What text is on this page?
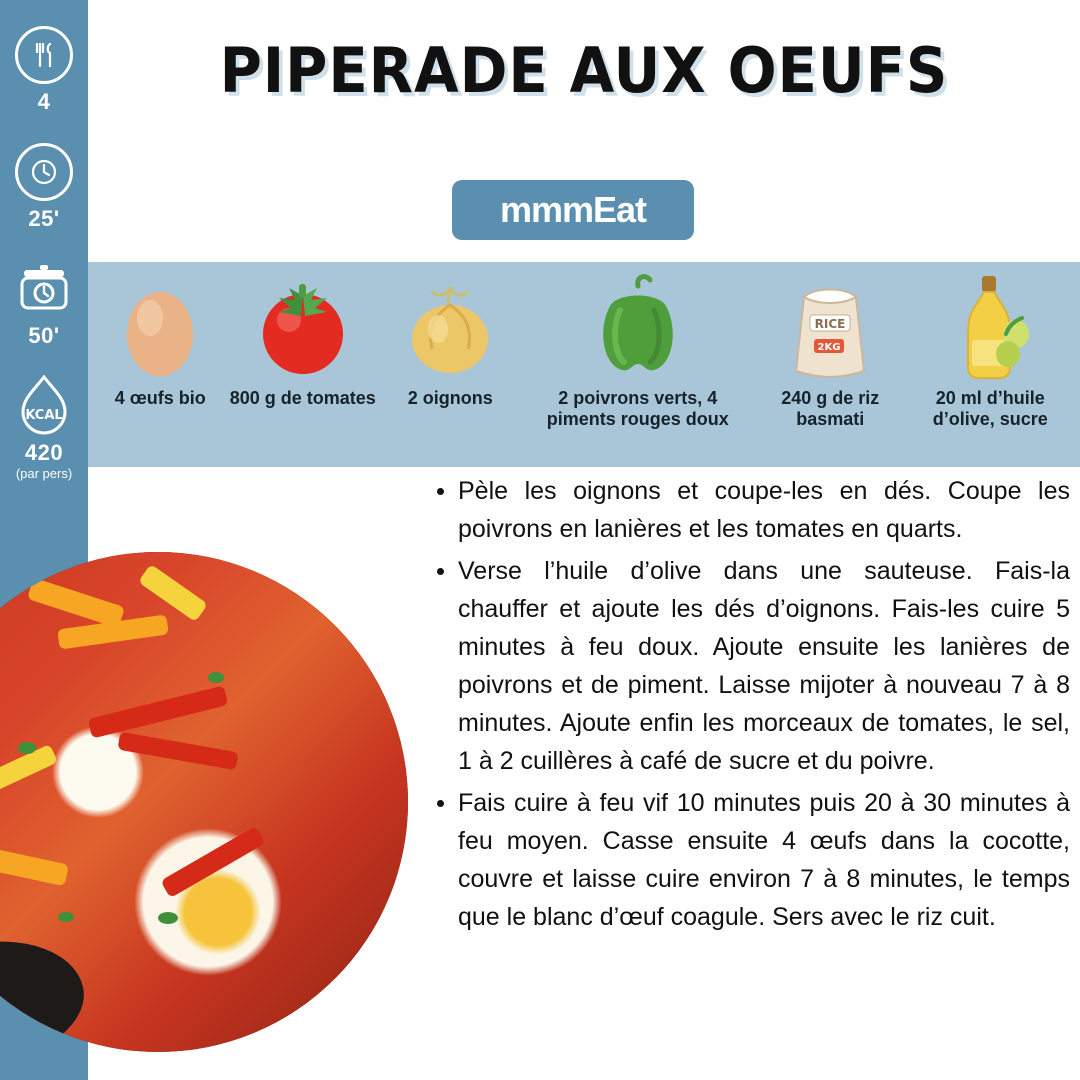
4
25'
50'
KCAL
420
(par pers)
PIPERADE AUX OEUFS
mmmEat
4 œufs bio 800 g de tomates 2 oignons	2 poivrons verts, 4 piments rouges doux
RICE
2KG
240 g de riz basmati
20 ml d’huile d’olive, sucre
• Pèle les oignons et coupe-les en dés. Coupe les poivrons en lanières et les tomates en quarts.
• Verse l’huile d’olive dans une sauteuse. Fais-la chauffer et ajoute les dés d’oignons. Fais-les cuire 5 minutes à feu doux. Ajoute ensuite les lanières de poivrons et de piment. Laisse mijoter à nouveau 7 à 8 minutes. Ajoute enfin les morceaux de tomates, le sel, 1 à 2 cuillères à café de sucre et du poivre.
• Fais cuire à feu vif 10 minutes puis 20 à 30 minutes à feu moyen. Casse ensuite 4 œufs dans la cocotte, couvre et laisse cuire environ 7 à 8 minutes, le temps que le blanc d’œuf coagule. Sers avec le riz cuit.
